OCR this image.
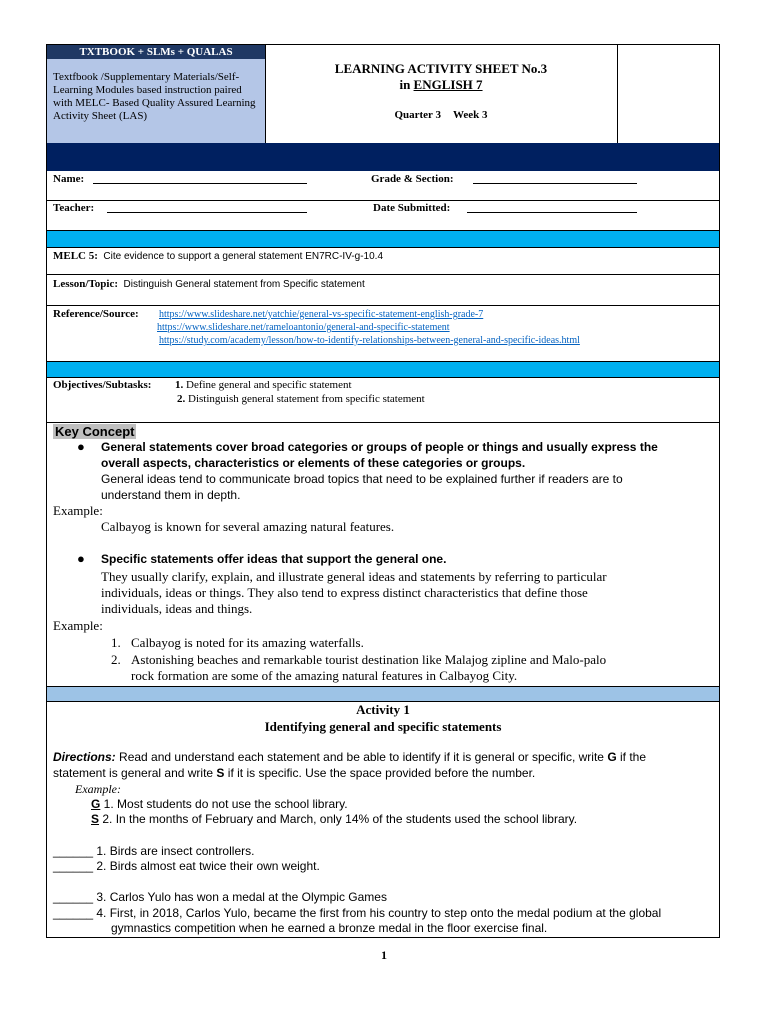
TXTBOOK + SLMs + QUALAS
Textfbook /Supplementary Materials/Self-Learning Modules based instruction paired with MELC- Based Quality Assured Learning Activity Sheet (LAS)
LEARNING ACTIVITY SHEET No.3
in ENGLISH 7
Quarter 3 Week 3
Name:	Grade & Section:
Teacher:	Date Submitted:
MELC 5: Cite evidence to support a general statement EN7RC-IV-g-10.4
Lesson/Topic: Distinguish General statement from Specific statement
Reference/Source: https://www.slideshare.net/yatchie/general-vs-specific-statement-english-grade-7
https://www.slideshare.net/rameloantonio/general-and-specific-statement
https://study.com/academy/lesson/how-to-identify-relationships-between-general-and-specific-ideas.html
Objectives/Subtasks: 1. Define general and specific statement
2. Distinguish general statement from specific statement
Key Concept
● General statements cover broad categories or groups of people or things and usually express the
overall aspects, characteristics or elements of these categories or groups.
General ideas tend to communicate broad topics that need to be explained further if readers are to
understand them in depth.
Example:
Calbayog is known for several amazing natural features.
● Specific statements offer ideas that support the general one.
They usually clarify, explain, and illustrate general ideas and statements by referring to particular
individuals, ideas or things. They also tend to express distinct characteristics that define those
individuals, ideas and things.
Example:
1. Calbayog is noted for its amazing waterfalls.
2. Astonishing beaches and remarkable tourist destination like Malajog zipline and Malo-palo
rock formation are some of the amazing natural features in Calbayog City.
Activity 1
Identifying general and specific statements
Directions: Read and understand each statement and be able to identify if it is general or specific, write G if the
statement is general and write S if it is specific. Use the space provided before the number.
Example:
G 1. Most students do not use the school library.
S 2. In the months of February and March, only 14% of the students used the school library.
______ 1. Birds are insect controllers.
______ 2. Birds almost eat twice their own weight.
______ 3. Carlos Yulo has won a medal at the Olympic Games
______ 4. First, in 2018, Carlos Yulo, became the first from his country to step onto the medal podium at the global
gymnastics competition when he earned a bronze medal in the floor exercise final.
1
